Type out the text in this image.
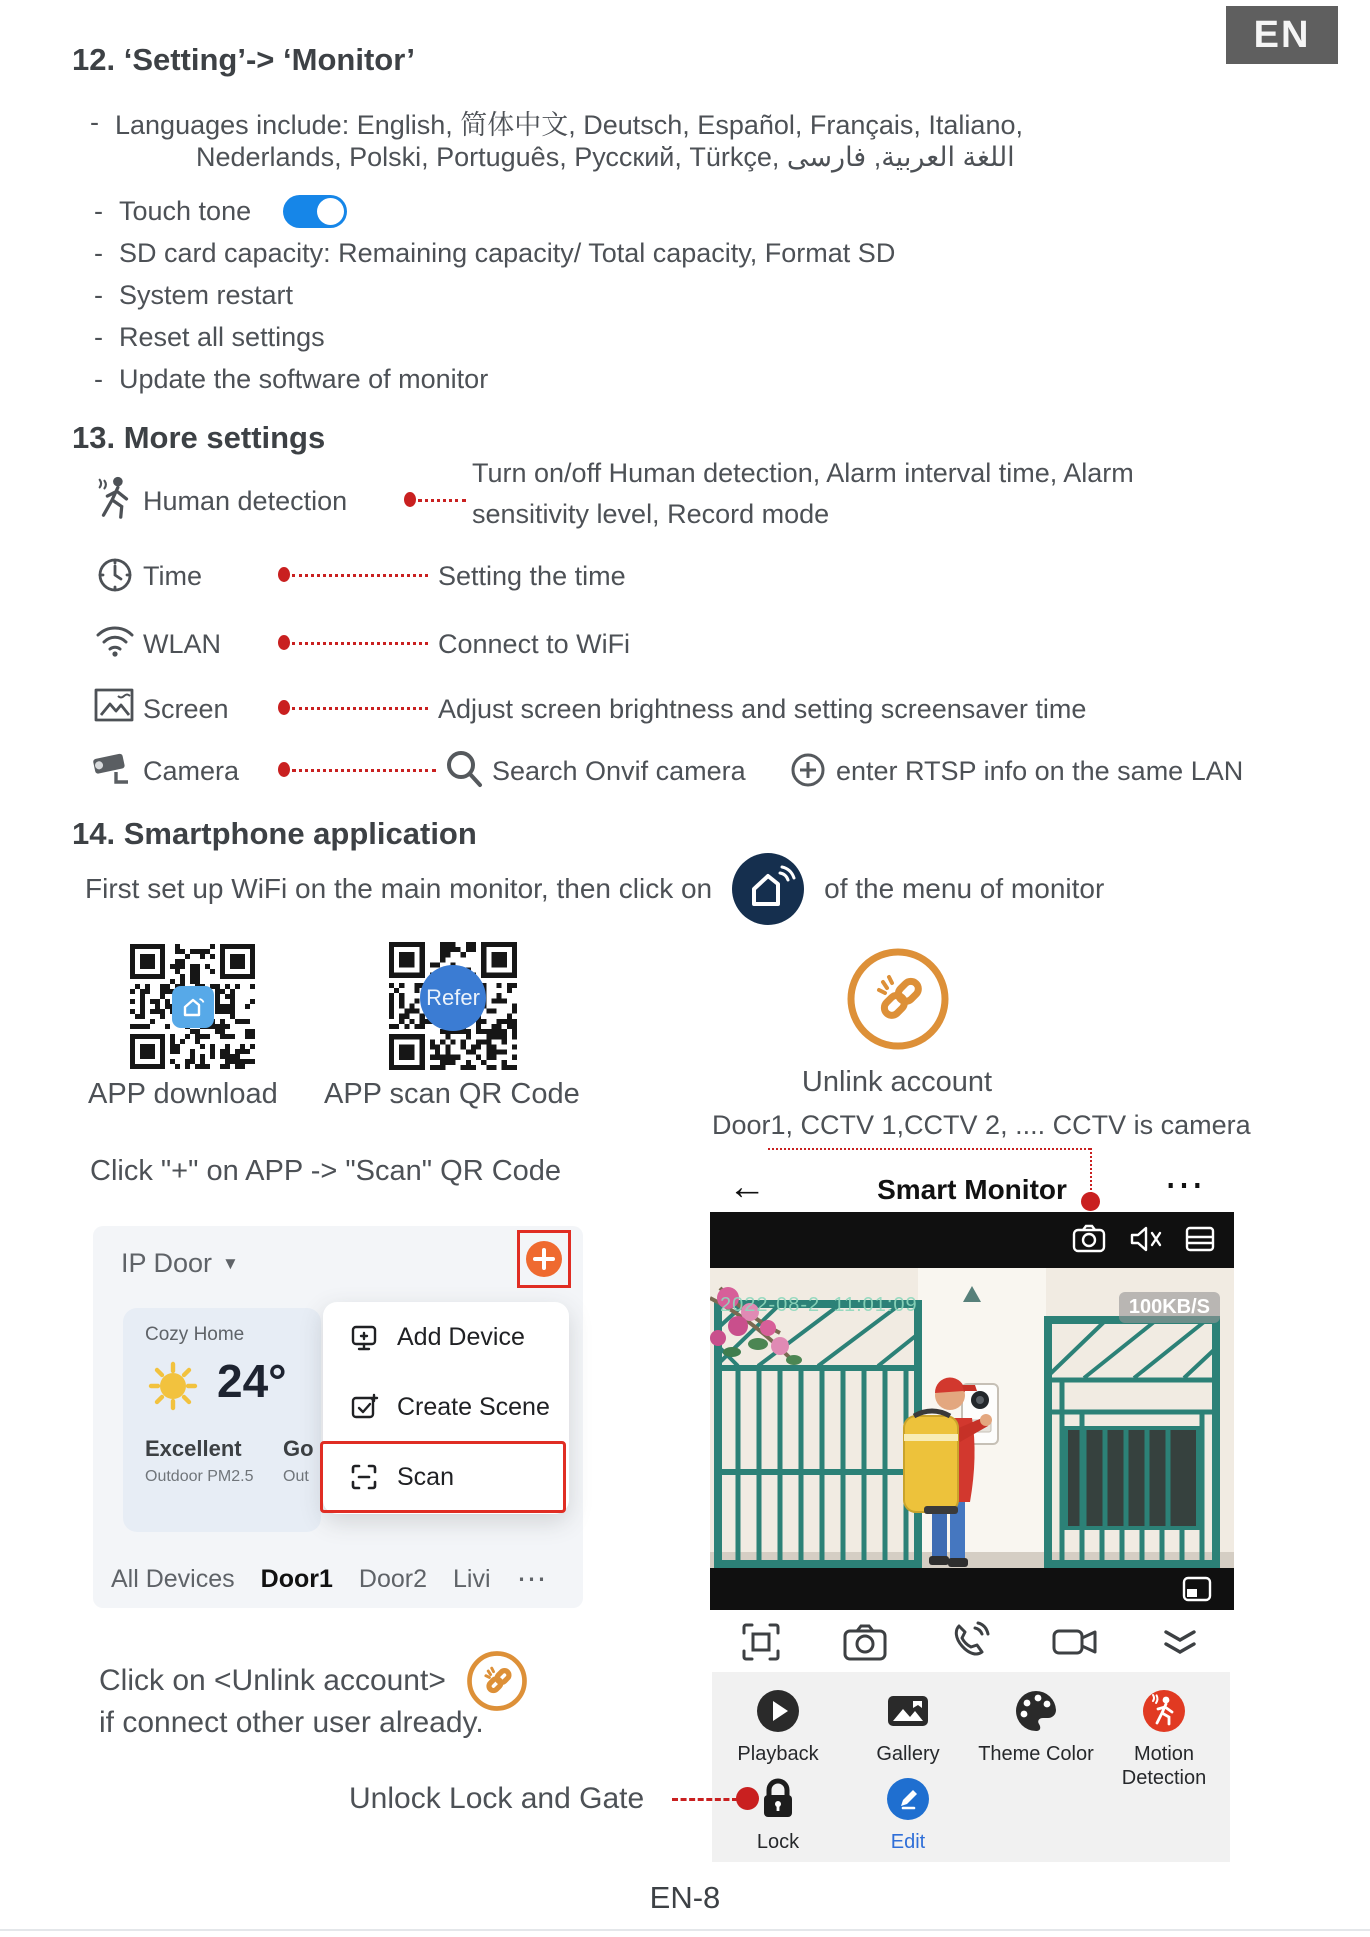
EN
12. ‘Setting’-> ‘Monitor’
- Languages include: English, 简体中文, Deutsch, Español, Français, Italiano,
Nederlands, Polski, Português, Русский, Türkçe, اللغة العربية, فارسى
- Touch tone
- SD card capacity: Remaining capacity/ Total capacity, Format SD
- System restart
- Reset all settings
- Update the software of monitor
13. More settings
Human detection
Turn on/off Human detection, Alarm interval time, Alarm
sensitivity level, Record mode
Time	Setting the time
WLAN	Connect to WiFi
Screen	Adjust screen brightness and setting screensaver time
Camera	Search Onvif camera	enter RTSP info on the same LAN
14. Smartphone application
First set up WiFi on the main monitor, then click on	of the menu of monitor
Refer
APP download APP scan QR Code	Unlink account
Door1, CCTV 1,CCTV 2, .... CCTV is camera
Click "+" on APP -> "Scan" QR Code
IP Door ▼
Cozy Home
24°
Excellent
Outdoor PM2.5
Go
Out
Add Device
Create Scene
Scan
All Devices Door1 Door2 Livi ⋯
←	Smart Monitor	⋯
2022-08-2 11:01:09	100KB/S
Playback	Gallery Theme Color	Motion Detection
Lock	Edit
Click on <Unlink account>
if connect other user already.
Unlock Lock and Gate
EN-8
